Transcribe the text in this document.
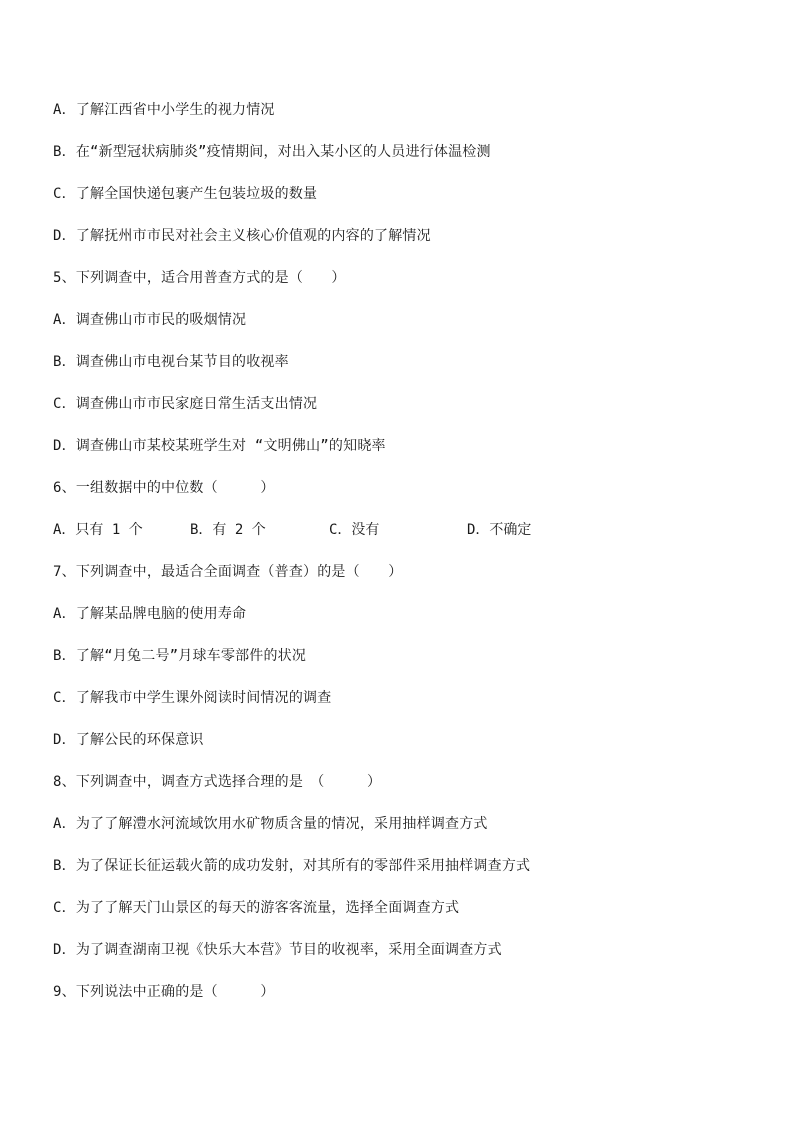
A．了解江西省中小学生的视力情况
B．在“新型冠状病肺炎”疫情期间，对出入某小区的人员进行体温检测
C．了解全国快递包裹产生包装垃圾的数量
D．了解抚州市市民对社会主义核心价值观的内容的了解情况
5、下列调查中，适合用普查方式的是（　　）
A．调查佛山市市民的吸烟情况
B．调查佛山市电视台某节目的收视率
C．调查佛山市市民家庭日常生活支出情况
D．调查佛山市某校某班学生对 “文明佛山”的知晓率
6、一组数据中的中位数（　　　）
A．只有 1 个	B．有 2 个	C．没有	D．不确定
7、下列调查中，最适合全面调查（普查）的是（　　）
A．了解某品牌电脑的使用寿命
B．了解“月兔二号”月球车零部件的状况
C．了解我市中学生课外阅读时间情况的调查
D．了解公民的环保意识
8、下列调查中，调查方式选择合理的是　（　　　）
A．为了了解澧水河流域饮用水矿物质含量的情况，采用抽样调查方式
B．为了保证长征运载火箭的成功发射，对其所有的零部件采用抽样调查方式
C．为了了解天门山景区的每天的游客客流量，选择全面调查方式
D．为了调查湖南卫视《快乐大本营》节目的收视率，采用全面调查方式
9、下列说法中正确的是（　　　）
